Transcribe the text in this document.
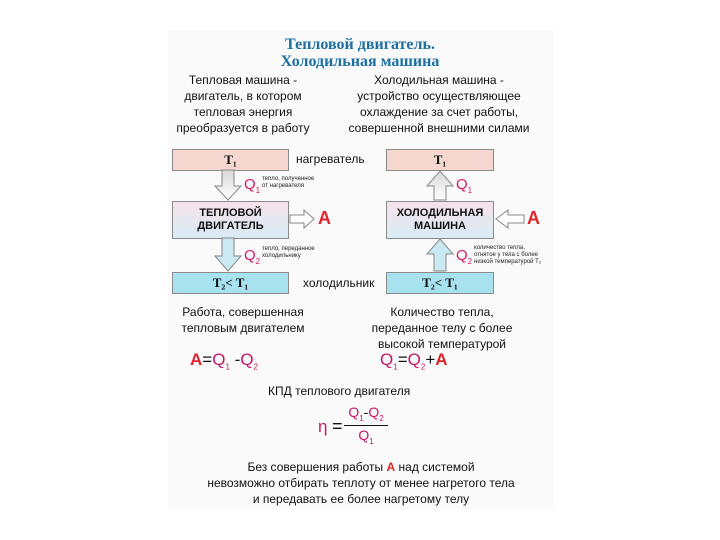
Тепловой двигатель.
Холодильная машина
Тепловая машина -
двигатель, в котором
тепловая энергия
преобразуется в работу
Холодильная машина -
устройство осуществляющее
охлаждение за счет работы,
совершенной внешними силами
T₁	нагреватель	T₁
ТЕПЛОВОЙ
ДВИГАТЕЛЬ
ХОЛОДИЛЬНАЯ
МАШИНА
T₂< T₁	холодильник	T₂< T₁
А	А
$Q_1$
тепло, полученное
от нагревателя
$Q_2$
тепло, переданное
холодильнику
$Q_1$
$Q_2$
количество тепла,
отнятое у тела с более
низкой температурой T₂
Работа, совершенная
тепловым двигателем
Количество тепла,
переданное телу с более
высокой температурой
$A=Q_1$ $-Q_2$	$Q_1=Q_2+A$
КПД теплового двигателя
η =
$Q_1-Q_2$
$Q_1$
Без совершения работы А над системой
невозможно отбирать теплоту от менее нагретого тела
и передавать ее более нагретому телу
